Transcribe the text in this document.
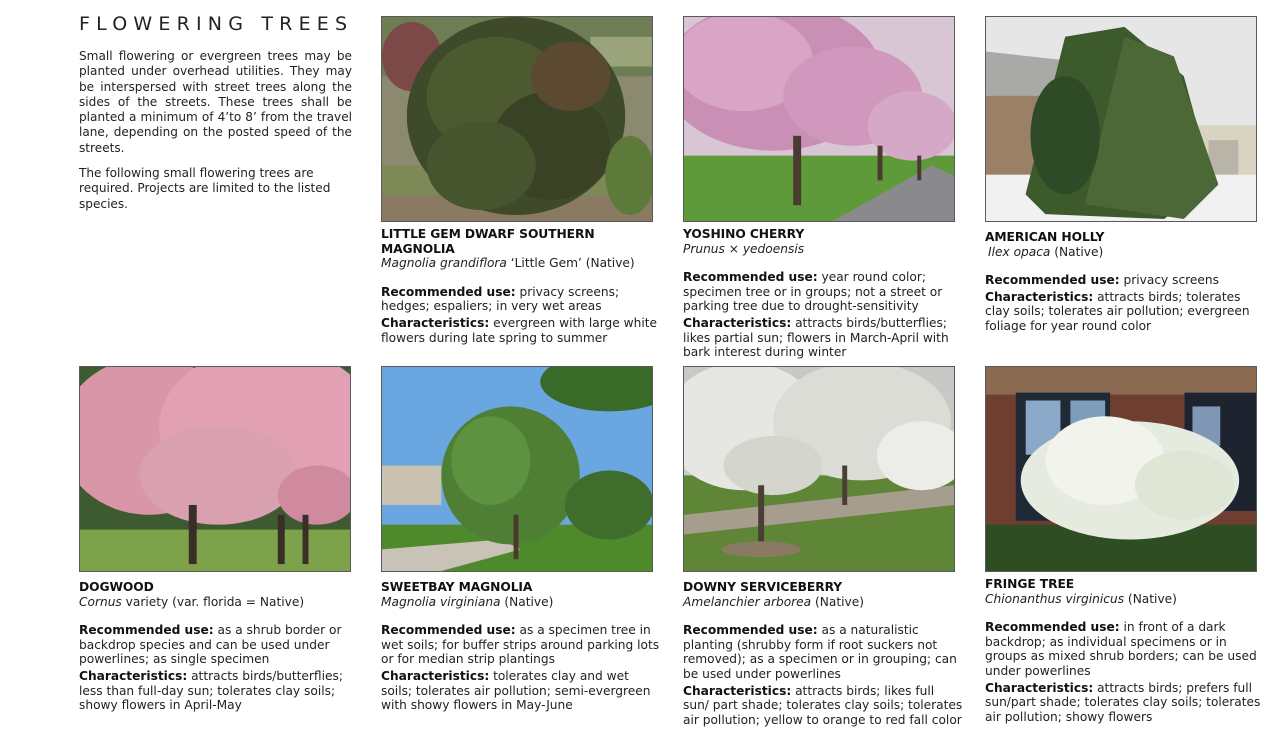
FLOWERING TREES

Small flowering or evergreen trees may be planted under overhead utilities. They may be interspersed with street trees along the sides of the streets. These trees shall be planted a minimum of 4’to 8’ from the travel lane, depending on the posted speed of the streets.

The following small flowering trees are required. Projects are limited to the listed species.

LITTLE GEM DWARF SOUTHERN MAGNOLIA
Magnolia grandiflora ‘Little Gem’ (Native)
Recommended use: privacy screens; hedges; espaliers; in very wet areas
Characteristics: evergreen with large white flowers during late spring to summer
YOSHINO CHERRY
Prunus × yedoensis
Recommended use: year round color; specimen tree or in groups; not a street or parking tree due to drought-sensitivity
Characteristics: attracts birds/butterflies; likes partial sun; flowers in March-April with bark interest during winter
AMERICAN HOLLY
Ilex opaca (Native)
Recommended use: privacy screens
Characteristics: attracts birds; tolerates clay soils; tolerates air pollution; evergreen foliage for year round color
DOGWOOD
Cornus variety (var. florida = Native)
Recommended use: as a shrub border or backdrop species and can be used under powerlines; as single specimen
Characteristics: attracts birds/butterflies; less than full-day sun; tolerates clay soils; showy flowers in April-May
SWEETBAY MAGNOLIA
Magnolia virginiana (Native)
Recommended use: as a specimen tree in wet soils; for buffer strips around parking lots or for median strip plantings
Characteristics: tolerates clay and wet soils; tolerates air pollution; semi-evergreen with showy flowers in May-June
DOWNY SERVICEBERRY
Amelanchier arborea (Native)
Recommended use: as a naturalistic planting (shrubby form if root suckers not removed); as a specimen or in grouping; can be used under powerlines
Characteristics: attracts birds; likes full sun/ part shade; tolerates clay soils; tolerates air pollution; yellow to orange to red fall color
FRINGE TREE
Chionanthus virginicus (Native)
Recommended use: in front of a dark backdrop; as individual specimens or in groups as mixed shrub borders; can be used under powerlines
Characteristics: attracts birds; prefers full sun/part shade; tolerates clay soils; tolerates air pollution; showy flowers
